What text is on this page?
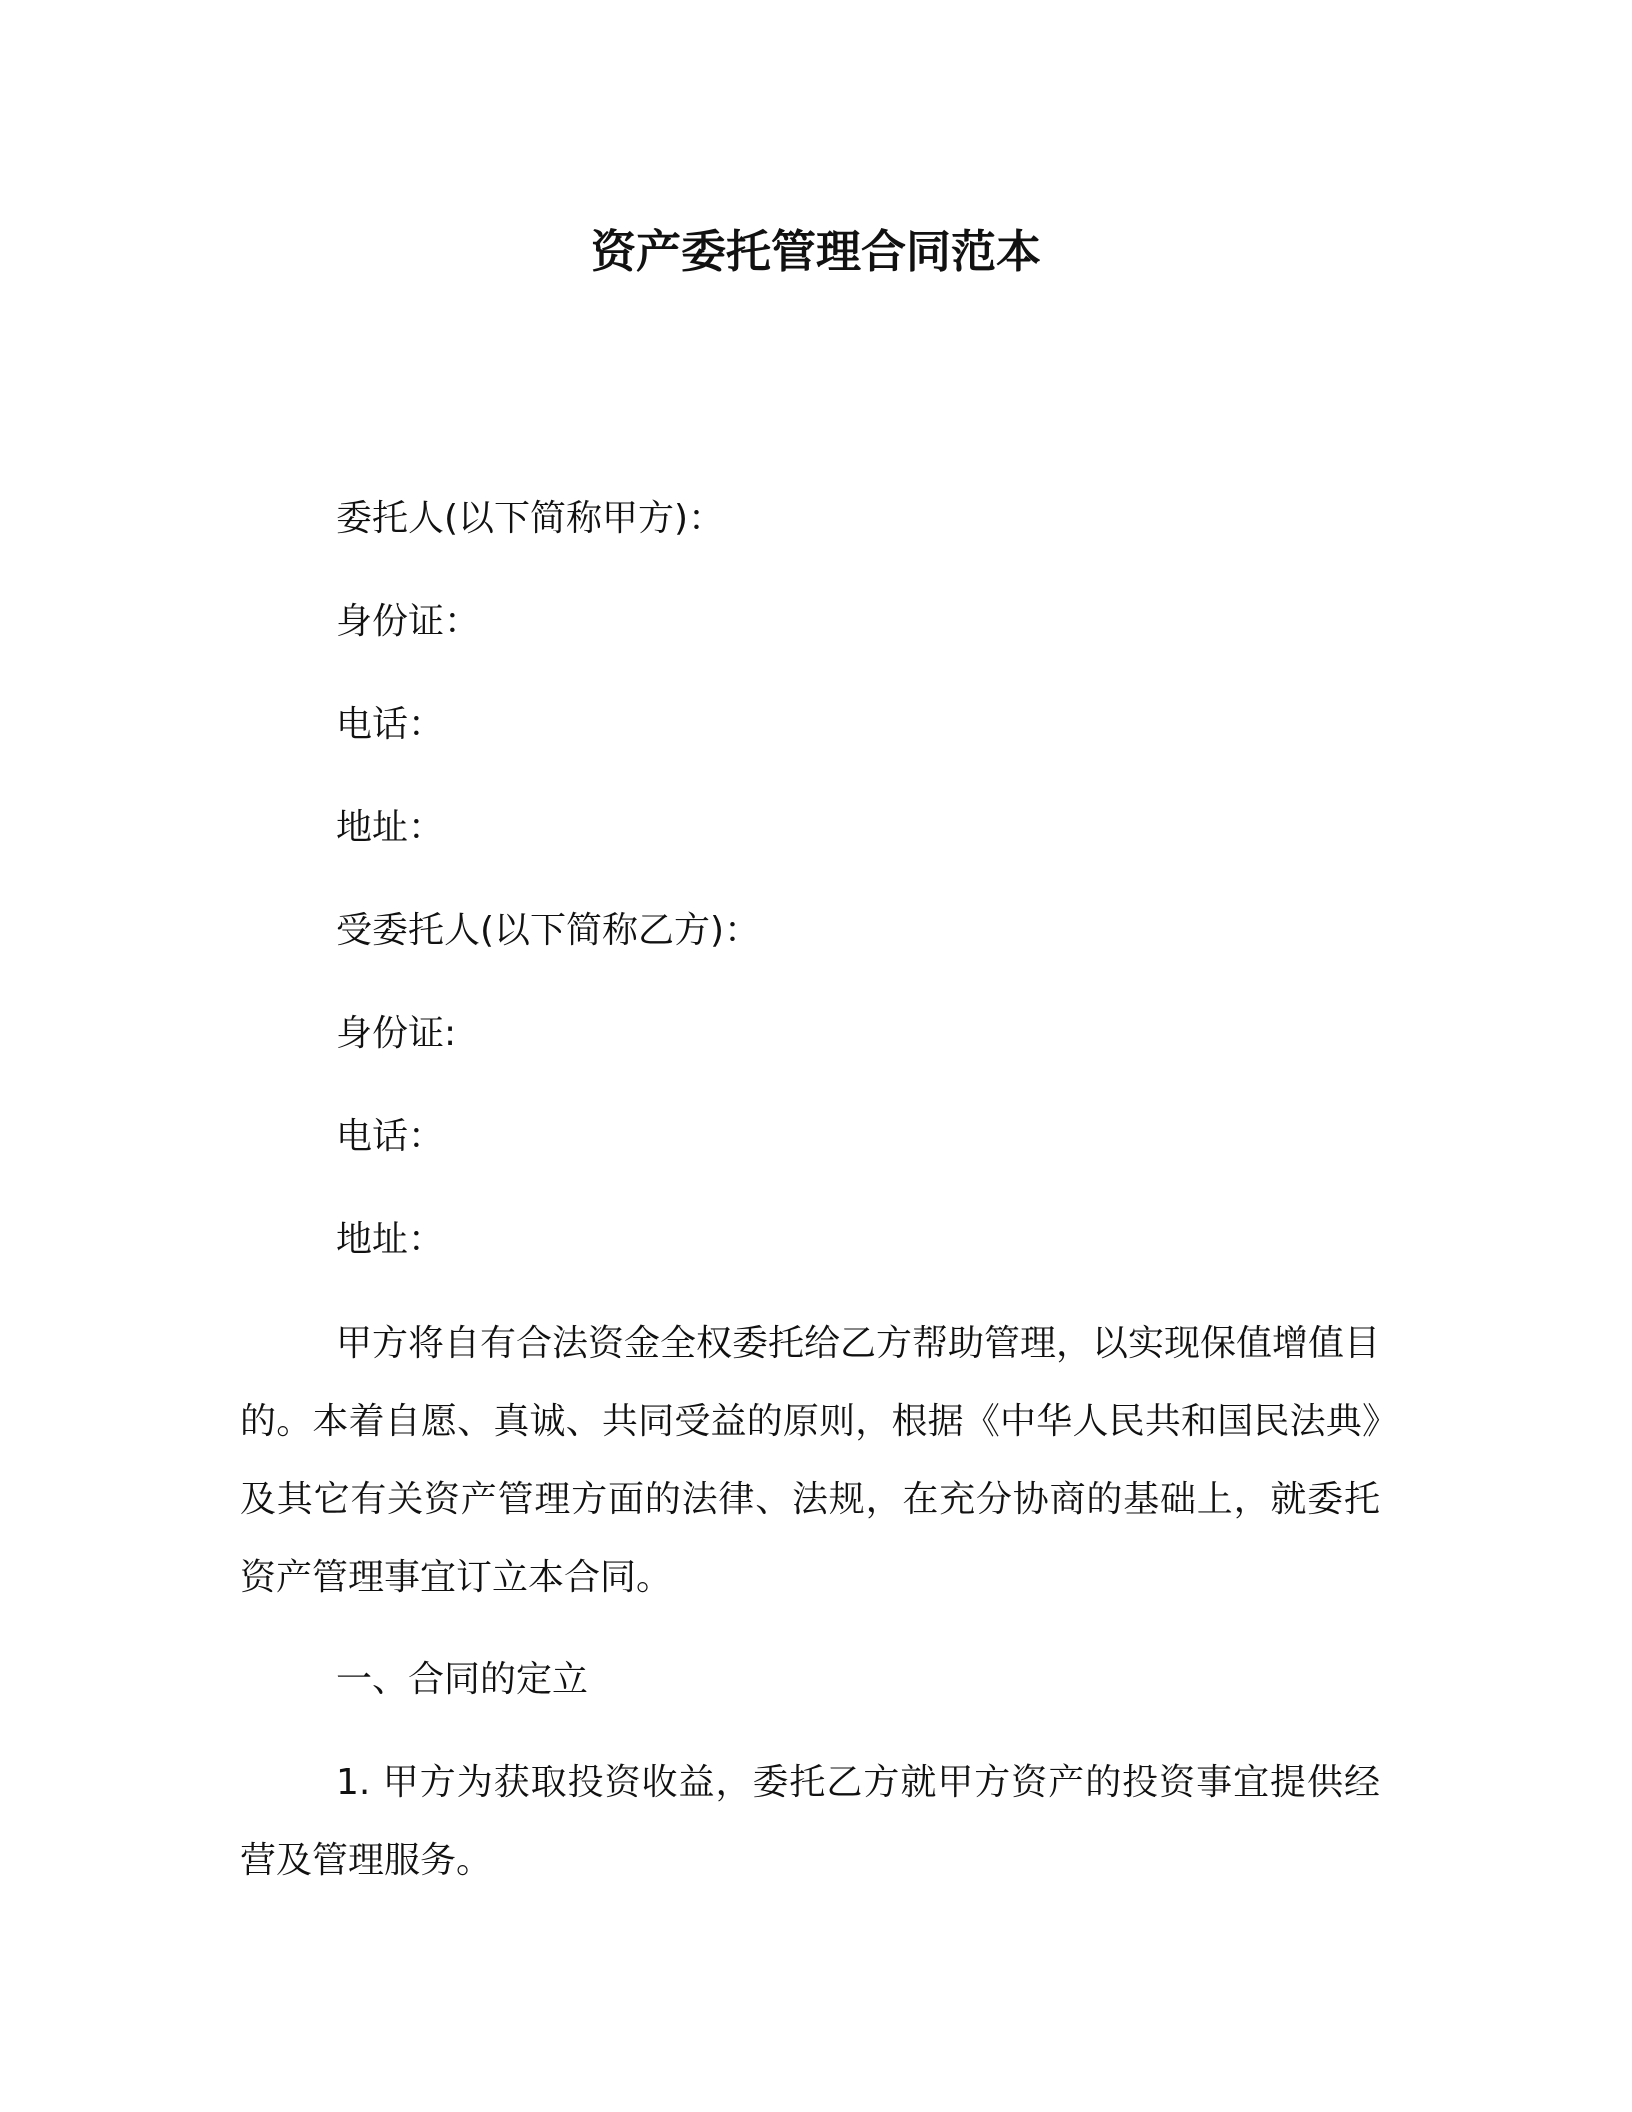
资产委托管理合同范本

委托人(以下简称甲方)：

身份证：

电话：

地址：

受委托人(以下简称乙方)：

身份证:

电话：

地址：

甲方将自有合法资金全权委托给乙方帮助管理，以实现保值增值目的。本着自愿、真诚、共同受益的原则，根据《中华人民共和国民法典》及其它有关资产管理方面的法律、法规，在充分协商的基础上，就委托资产管理事宜订立本合同。

一、合同的定立

1. 甲方为获取投资收益，委托乙方就甲方资产的投资事宜提供经营及管理服务。
